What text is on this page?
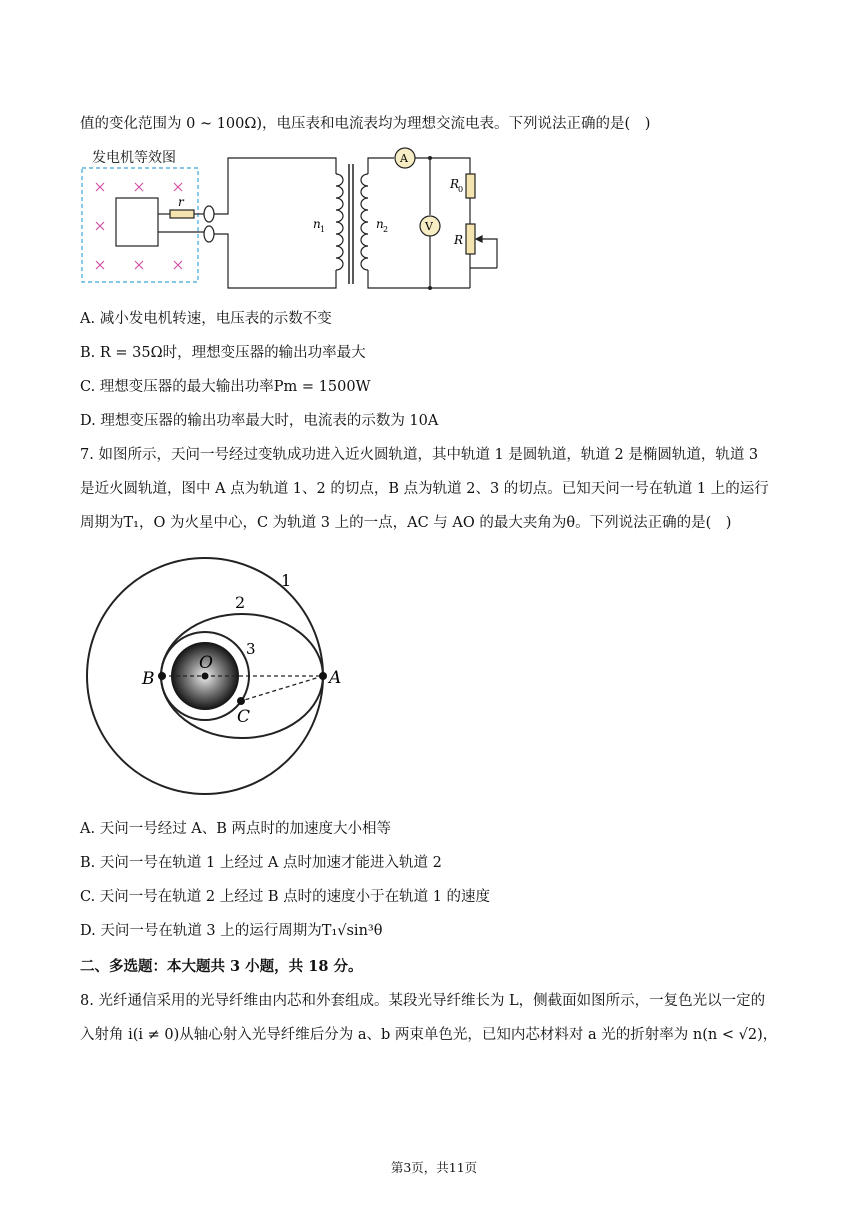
值的变化范围为 0 ~ 100Ω)，电压表和电流表均为理想交流电表。下列说法正确的是( )
发电机等效图
r
n 1	n 2
A
V
R
0
R
A. 减小发电机转速，电压表的示数不变
B. R = 35Ω时，理想变压器的输出功率最大
C. 理想变压器的最大输出功率Pm = 1500W
D. 理想变压器的输出功率最大时，电流表的示数为 10A
7. 如图所示，天问一号经过变轨成功进入近火圆轨道，其中轨道 1 是圆轨道，轨道 2 是椭圆轨道，轨道 3
是近火圆轨道，图中 A 点为轨道 1、2 的切点，B 点为轨道 2、3 的切点。已知天问一号在轨道 1 上的运行
周期为T₁，O 为火星中心，C 为轨道 3 上的一点，AC 与 AO 的最大夹角为θ。下列说法正确的是( )
1
2
3
O
A
B
C
A. 天问一号经过 A、B 两点时的加速度大小相等
B. 天问一号在轨道 1 上经过 A 点时加速才能进入轨道 2
C. 天问一号在轨道 2 上经过 B 点时的速度小于在轨道 1 的速度
D. 天问一号在轨道 3 上的运行周期为T₁√sin³θ
二、多选题：本大题共 3 小题，共 18 分。
8. 光纤通信采用的光导纤维由内芯和外套组成。某段光导纤维长为 L，侧截面如图所示，一复色光以一定的
入射角 i(i ≠ 0)从轴心射入光导纤维后分为 a、b 两束单色光，已知内芯材料对 a 光的折射率为 n(n < √2)，
第3页，共11页
